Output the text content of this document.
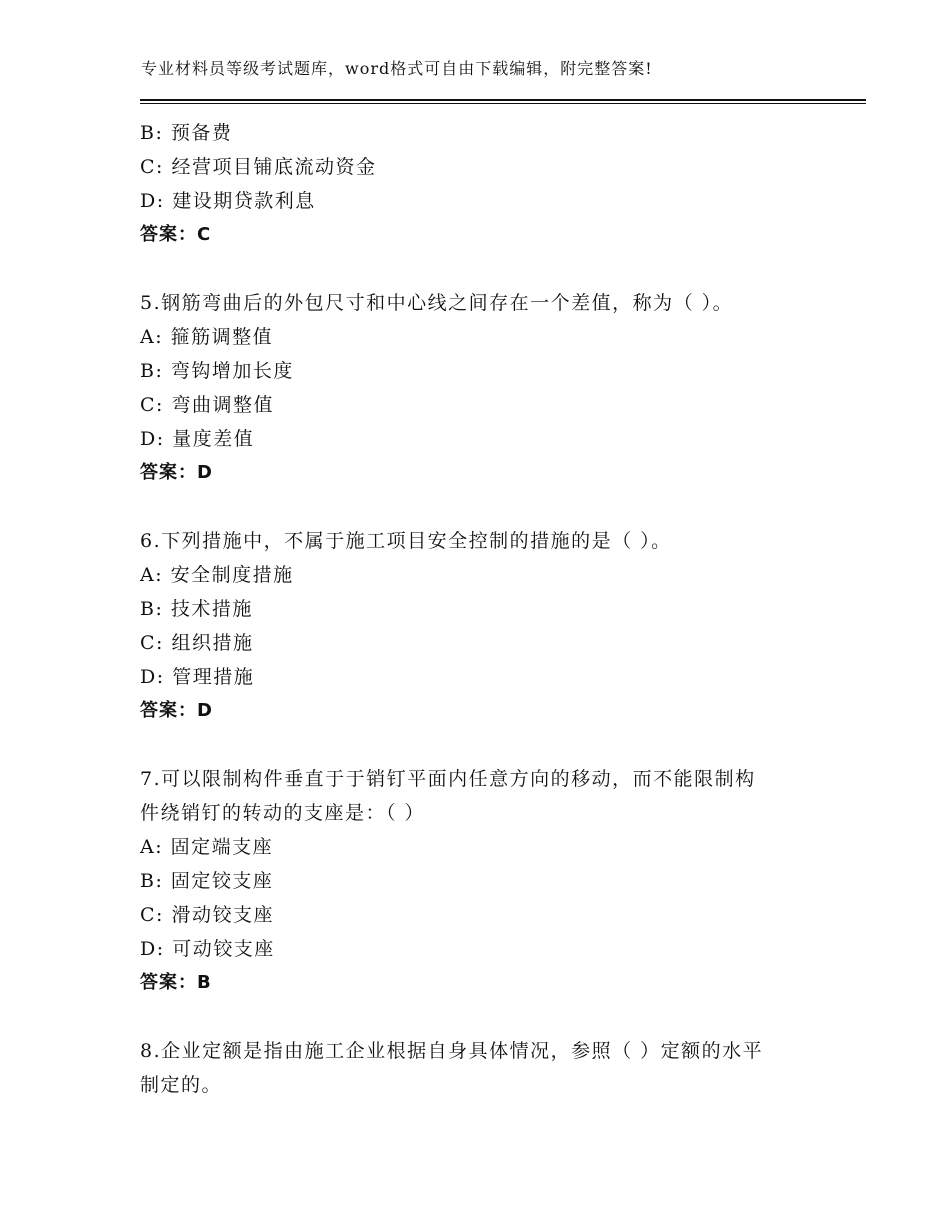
专业材料员等级考试题库，word格式可自由下载编辑，附完整答案!
B: 预备费
C: 经营项目铺底流动资金
D: 建设期贷款利息
答案：C
5.钢筋弯曲后的外包尺寸和中心线之间存在一个差值，称为（ ）。
A: 箍筋调整值
B: 弯钩增加长度
C: 弯曲调整值
D: 量度差值
答案：D
6.下列措施中，不属于施工项目安全控制的措施的是（ ）。
A: 安全制度措施
B: 技术措施
C: 组织措施
D: 管理措施
答案：D
7.可以限制构件垂直于于销钉平面内任意方向的移动，而不能限制构
件绕销钉的转动的支座是：（ ）
A: 固定端支座
B: 固定铰支座
C: 滑动铰支座
D: 可动铰支座
答案：B
8.企业定额是指由施工企业根据自身具体情况，参照（ ）定额的水平
制定的。
